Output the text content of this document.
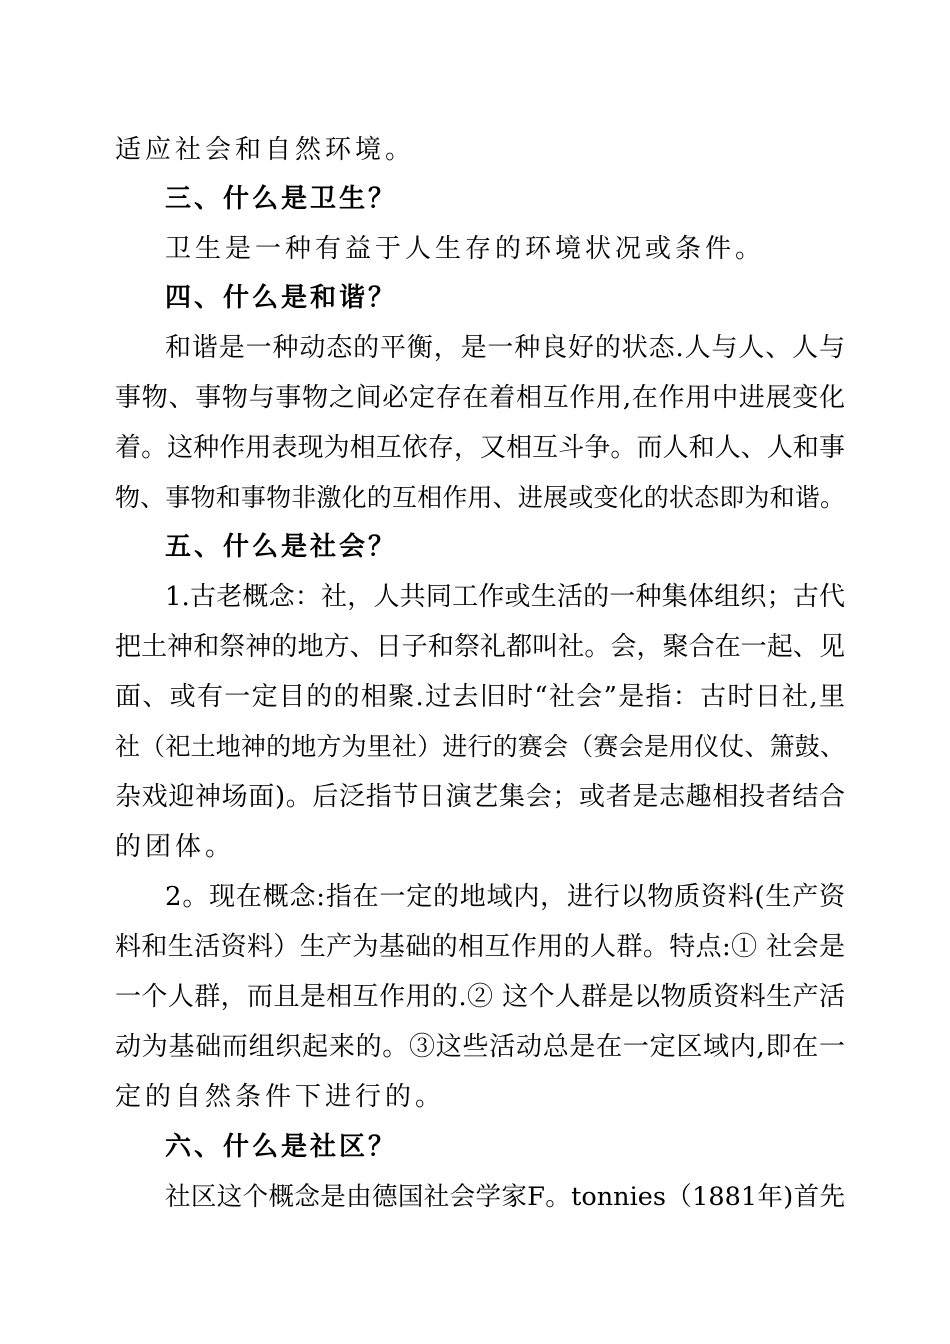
适应社会和自然环境。
三、什么是卫生？
卫生是一种有益于人生存的环境状况或条件。
四、什么是和谐？
和谐是一种动态的平衡，是一种良好的状态.人与人、人与
事物、事物与事物之间必定存在着相互作用,在作用中进展变化
着。这种作用表现为相互依存，又相互斗争。而人和人、人和事
物、事物和事物非激化的互相作用、进展或变化的状态即为和谐。
五、什么是社会？
1.古老概念：社，人共同工作或生活的一种集体组织；古代
把土神和祭神的地方、日子和祭礼都叫社。会，聚合在一起、见
面、或有一定目的的相聚.过去旧时“社会”是指：古时日社,里
社（祀土地神的地方为里社）进行的赛会（赛会是用仪仗、箫鼓、
杂戏迎神场面)。后泛指节日演艺集会；或者是志趣相投者结合
的团体。
2。现在概念:指在一定的地域内，进行以物质资料(生产资
料和生活资料）生产为基础的相互作用的人群。特点:① 社会是
一个人群，而且是相互作用的.② 这个人群是以物质资料生产活
动为基础而组织起来的。③这些活动总是在一定区域内,即在一
定的自然条件下进行的。
六、什么是社区？
社区这个概念是由德国社会学家F。tonnies（1881年)首先
